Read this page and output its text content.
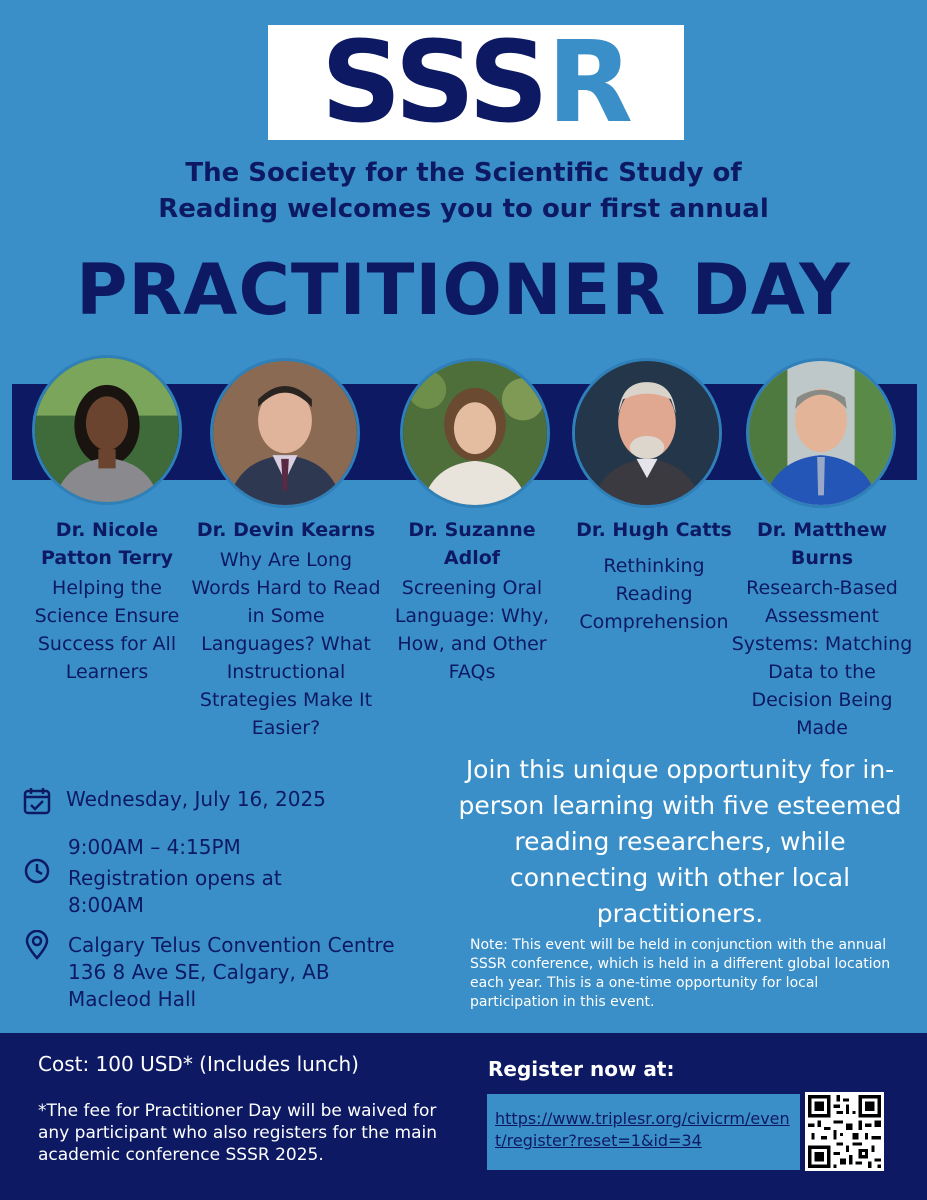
SSSR
The Society for the Scientific Study of
Reading welcomes you to our first annual
PRACTITIONER DAY
Dr. Nicole Patton Terry
Helping the Science Ensure Success for All Learners
Dr. Devin Kearns
Why Are Long Words Hard to Read in Some Languages? What Instructional Strategies Make It Easier?
Dr. Suzanne Adlof
Screening Oral Language: Why, How, and Other FAQs
Dr. Hugh Catts
Rethinking Reading Comprehension
Dr. Matthew Burns
Research-Based Assessment Systems: Matching Data to the Decision Being Made
Wednesday, July 16, 2025
9:00AM – 4:15PM
Registration opens at
8:00AM
Calgary Telus Convention Centre
136 8 Ave SE, Calgary, AB
Macleod Hall
Join this unique opportunity for in-person learning with five esteemed reading researchers, while connecting with other local practitioners.
Note: This event will be held in conjunction with the annual SSSR conference, which is held in a different global location each year. This is a one-time opportunity for local participation in this event.
Cost: 100 USD* (Includes lunch)
*The fee for Practitioner Day will be waived for any participant who also registers for the main academic conference SSSR 2025.
Register now at:
https://www.triplesr.org/civicrm/event/register?reset=1&id=34
